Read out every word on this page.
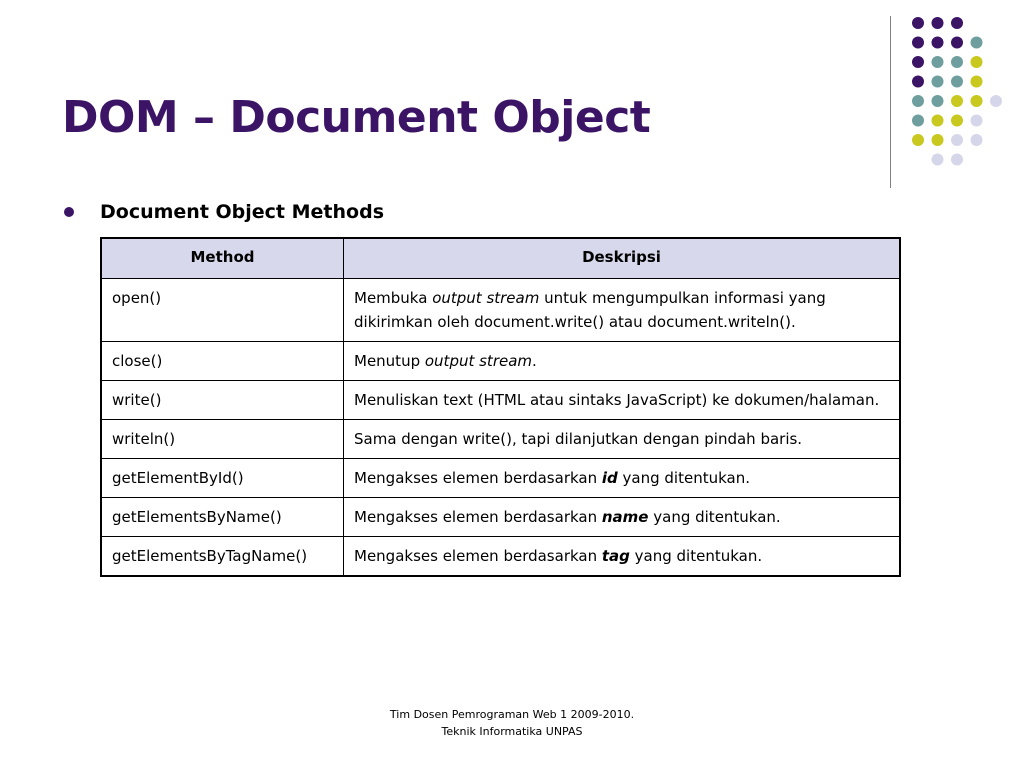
DOM – Document Object
Document Object Methods
Method	Deskripsi
open()	Membuka output stream untuk mengumpulkan informasi yang dikirimkan oleh document.write() atau document.writeln().
close()	Menutup output stream.
write()	Menuliskan text (HTML atau sintaks JavaScript) ke dokumen/halaman.
writeln()	Sama dengan write(), tapi dilanjutkan dengan pindah baris.
getElementById()	Mengakses elemen berdasarkan id yang ditentukan.
getElementsByName()	Mengakses elemen berdasarkan name yang ditentukan.
getElementsByTagName()	Mengakses elemen berdasarkan tag yang ditentukan.
Tim Dosen Pemrograman Web 1 2009-2010.
Teknik Informatika UNPAS
